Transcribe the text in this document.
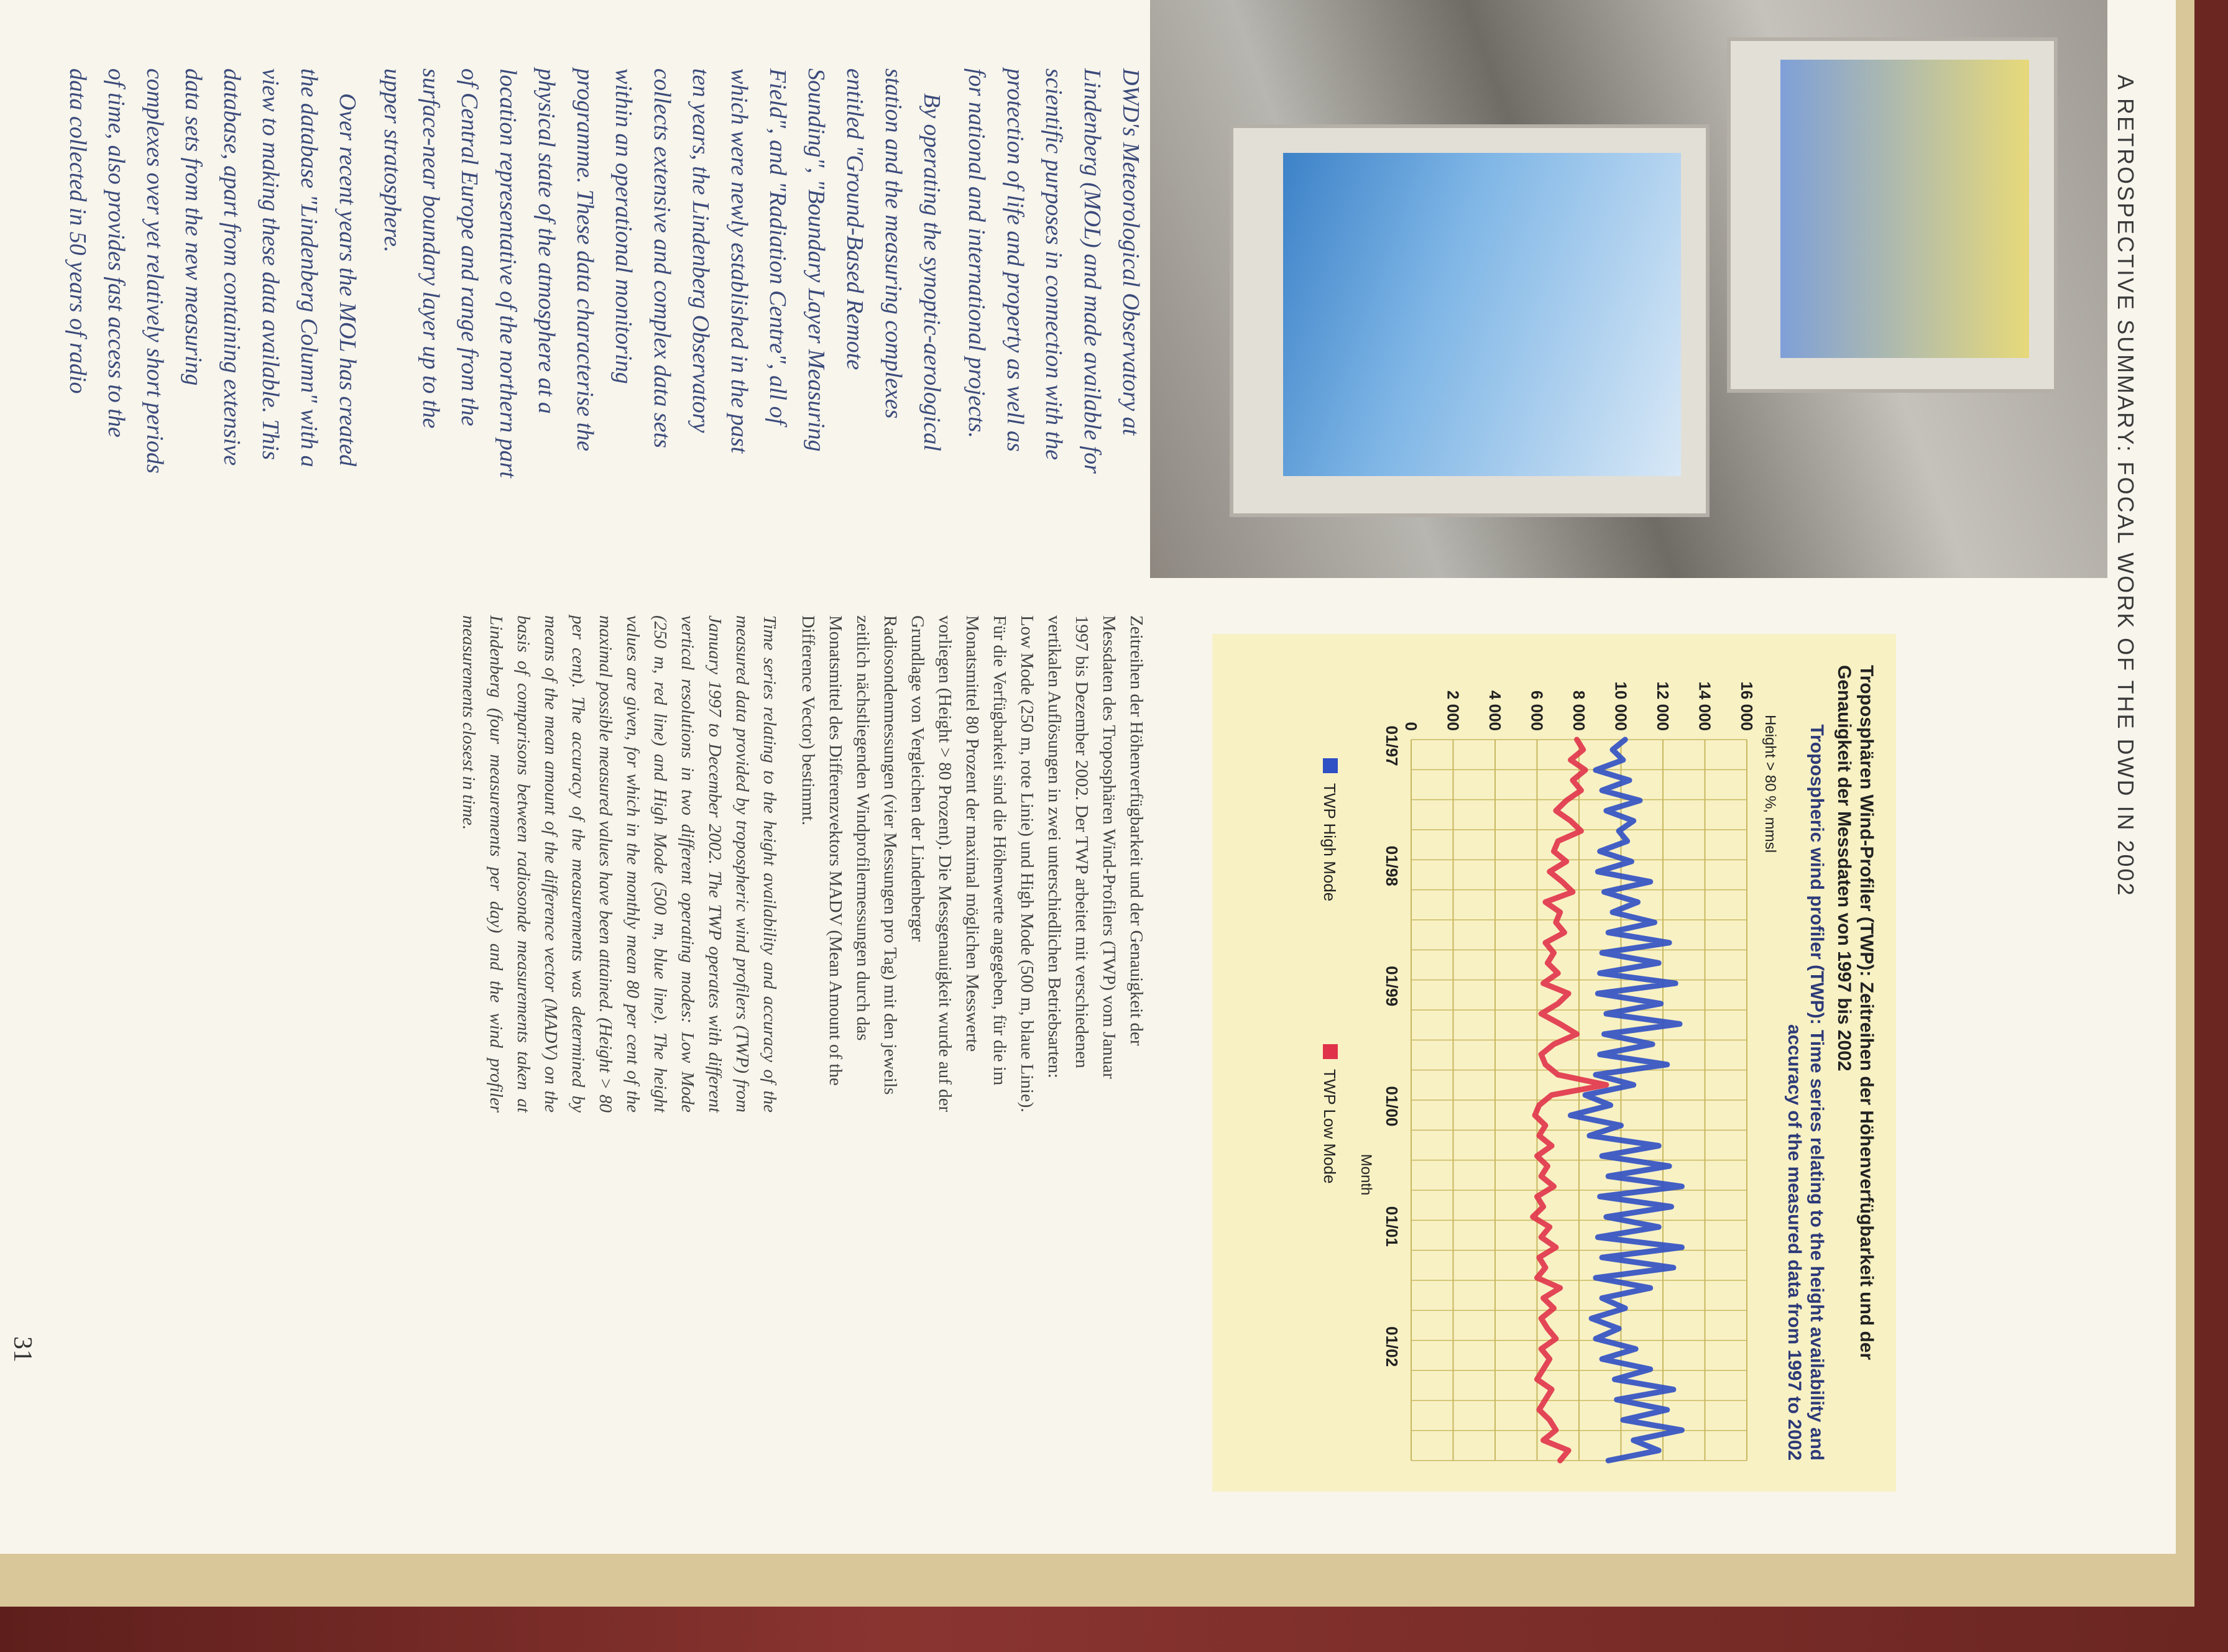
A RETROSPECTIVE SUMMARY: FOCAL WORK OF THE DWD IN 2002
Troposphären Wind-Profiler (TWP): Zeitreihen der Höhenverfügbarkeit und der Genauigkeit der Messdaten von 1997 bis 2002
Tropospheric wind profiler (TWP): Time series relating to the height availability and accuracy of the measured data from 1997 to 2002
0 2 000 4 000 6 000 8 000 10 000 12 000 14 000 16 000
01/97
01/98
01/99
01/00
01/01
01/02
Height > 80 %, mmsl
Month
TWP High Mode
TWP Low Mode

DWD's Meteorological Observatory at Lindenberg (MOL) and made available for scientific purposes in connection with the protection of life and property as well as for national and international projects.

By operating the synoptic-aerological station and the measuring complexes entitled "Ground-Based Remote Sounding", "Boundary Layer Measuring Field", and "Radiation Centre", all of which were newly established in the past ten years, the Lindenberg Observatory collects extensive and complex data sets within an operational monitoring programme. These data characterise the physical state of the atmosphere at a location representative of the northern part of Central Europe and range from the surface-near boundary layer up to the upper stratosphere.

Over recent years the MOL has created the database "Lindenberg Column" with a view to making these data available. This database, apart from containing extensive data sets from the new measuring complexes over yet relatively short periods of time, also provides fast access to the data collected in 50 years of radio

Zeitreihen der Höhenverfügbarkeit und der Genauigkeit der Messdaten des Troposphären Wind-Profilers (TWP) vom Januar 1997 bis Dezember 2002. Der TWP arbeitet mit verschiedenen vertikalen Auflösungen in zwei unterschiedlichen Betriebsarten: Low Mode (250 m, rote Linie) und High Mode (500 m, blaue Linie). Für die Verfügbarkeit sind die Höhenwerte angegeben, für die im Monatsmittel 80 Prozent der maximal möglichen Messwerte vorliegen (Height > 80 Prozent). Die Messgenauigkeit wurde auf der Grundlage von Vergleichen der Lindenberger Radiosondenmessungen (vier Messungen pro Tag) mit den jeweils zeitlich nächstliegenden Windprofilermessungen durch das Monatsmittel des Differenzvektors MADV (Mean Amount of the Difference Vector) bestimmt.

Time series relating to the height availability and accuracy of the measured data provided by tropospheric wind profilers (TWP) from January 1997 to December 2002. The TWP operates with different vertical resolutions in two different operating modes: Low Mode (250 m, red line) and High Mode (500 m, blue line). The height values are given, for which in the monthly mean 80 per cent of the maximal possible measured values have been attained. (Height > 80 per cent). The accuracy of the measurements was determined by means of the mean amount of the difference vector (MADV) on the basis of comparisons between radiosonde measurements taken at Lindenberg (four measurements per day) and the wind profiler measurements closest in time.

31
